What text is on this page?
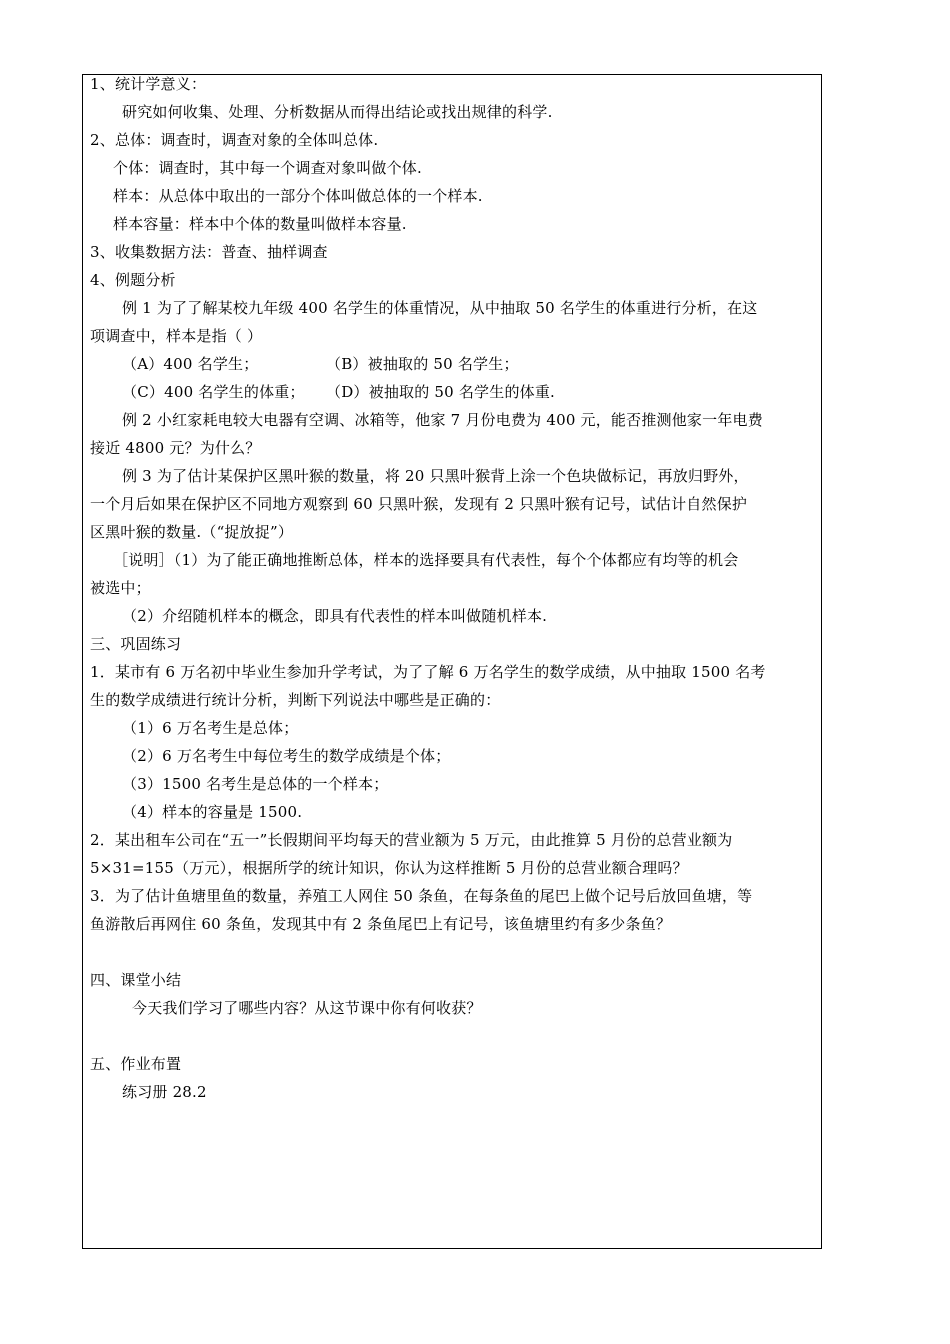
1、统计学意义：
研究如何收集、处理、分析数据从而得出结论或找出规律的科学.
2、总体：调查时，调查对象的全体叫总体.
个体：调查时，其中每一个调查对象叫做个体.
样本：从总体中取出的一部分个体叫做总体的一个样本.
样本容量：样本中个体的数量叫做样本容量.
3、收集数据方法：普查、抽样调查
4、例题分析
例 1 为了了解某校九年级 400 名学生的体重情况，从中抽取 50 名学生的体重进行分析，在这
项调查中，样本是指（ ）
（A）400 名学生；	（B）被抽取的 50 名学生；
（C）400 名学生的体重； （D）被抽取的 50 名学生的体重.
例 2 小红家耗电较大电器有空调、冰箱等，他家 7 月份电费为 400 元，能否推测他家一年电费
接近 4800 元？为什么？
例 3 为了估计某保护区黑叶猴的数量，将 20 只黑叶猴背上涂一个色块做标记，再放归野外，
一个月后如果在保护区不同地方观察到 60 只黑叶猴，发现有 2 只黑叶猴有记号，试估计自然保护
区黑叶猴的数量.（“捉放捉”）
［说明］（1）为了能正确地推断总体，样本的选择要具有代表性，每个个体都应有均等的机会
被选中；
（2）介绍随机样本的概念，即具有代表性的样本叫做随机样本.
三、巩固练习
1．某市有 6 万名初中毕业生参加升学考试，为了了解 6 万名学生的数学成绩，从中抽取 1500 名考
生的数学成绩进行统计分析，判断下列说法中哪些是正确的：
（1）6 万名考生是总体；
（2）6 万名考生中每位考生的数学成绩是个体；
（3）1500 名考生是总体的一个样本；
（4）样本的容量是 1500.
2．某出租车公司在“五一”长假期间平均每天的营业额为 5 万元，由此推算 5 月份的总营业额为
5×31=155（万元），根据所学的统计知识，你认为这样推断 5 月份的总营业额合理吗？
3．为了估计鱼塘里鱼的数量，养殖工人网住 50 条鱼，在每条鱼的尾巴上做个记号后放回鱼塘，等
鱼游散后再网住 60 条鱼，发现其中有 2 条鱼尾巴上有记号，该鱼塘里约有多少条鱼？
四、课堂小结
今天我们学习了哪些内容？从这节课中你有何收获？
五、作业布置
练习册 28.2
